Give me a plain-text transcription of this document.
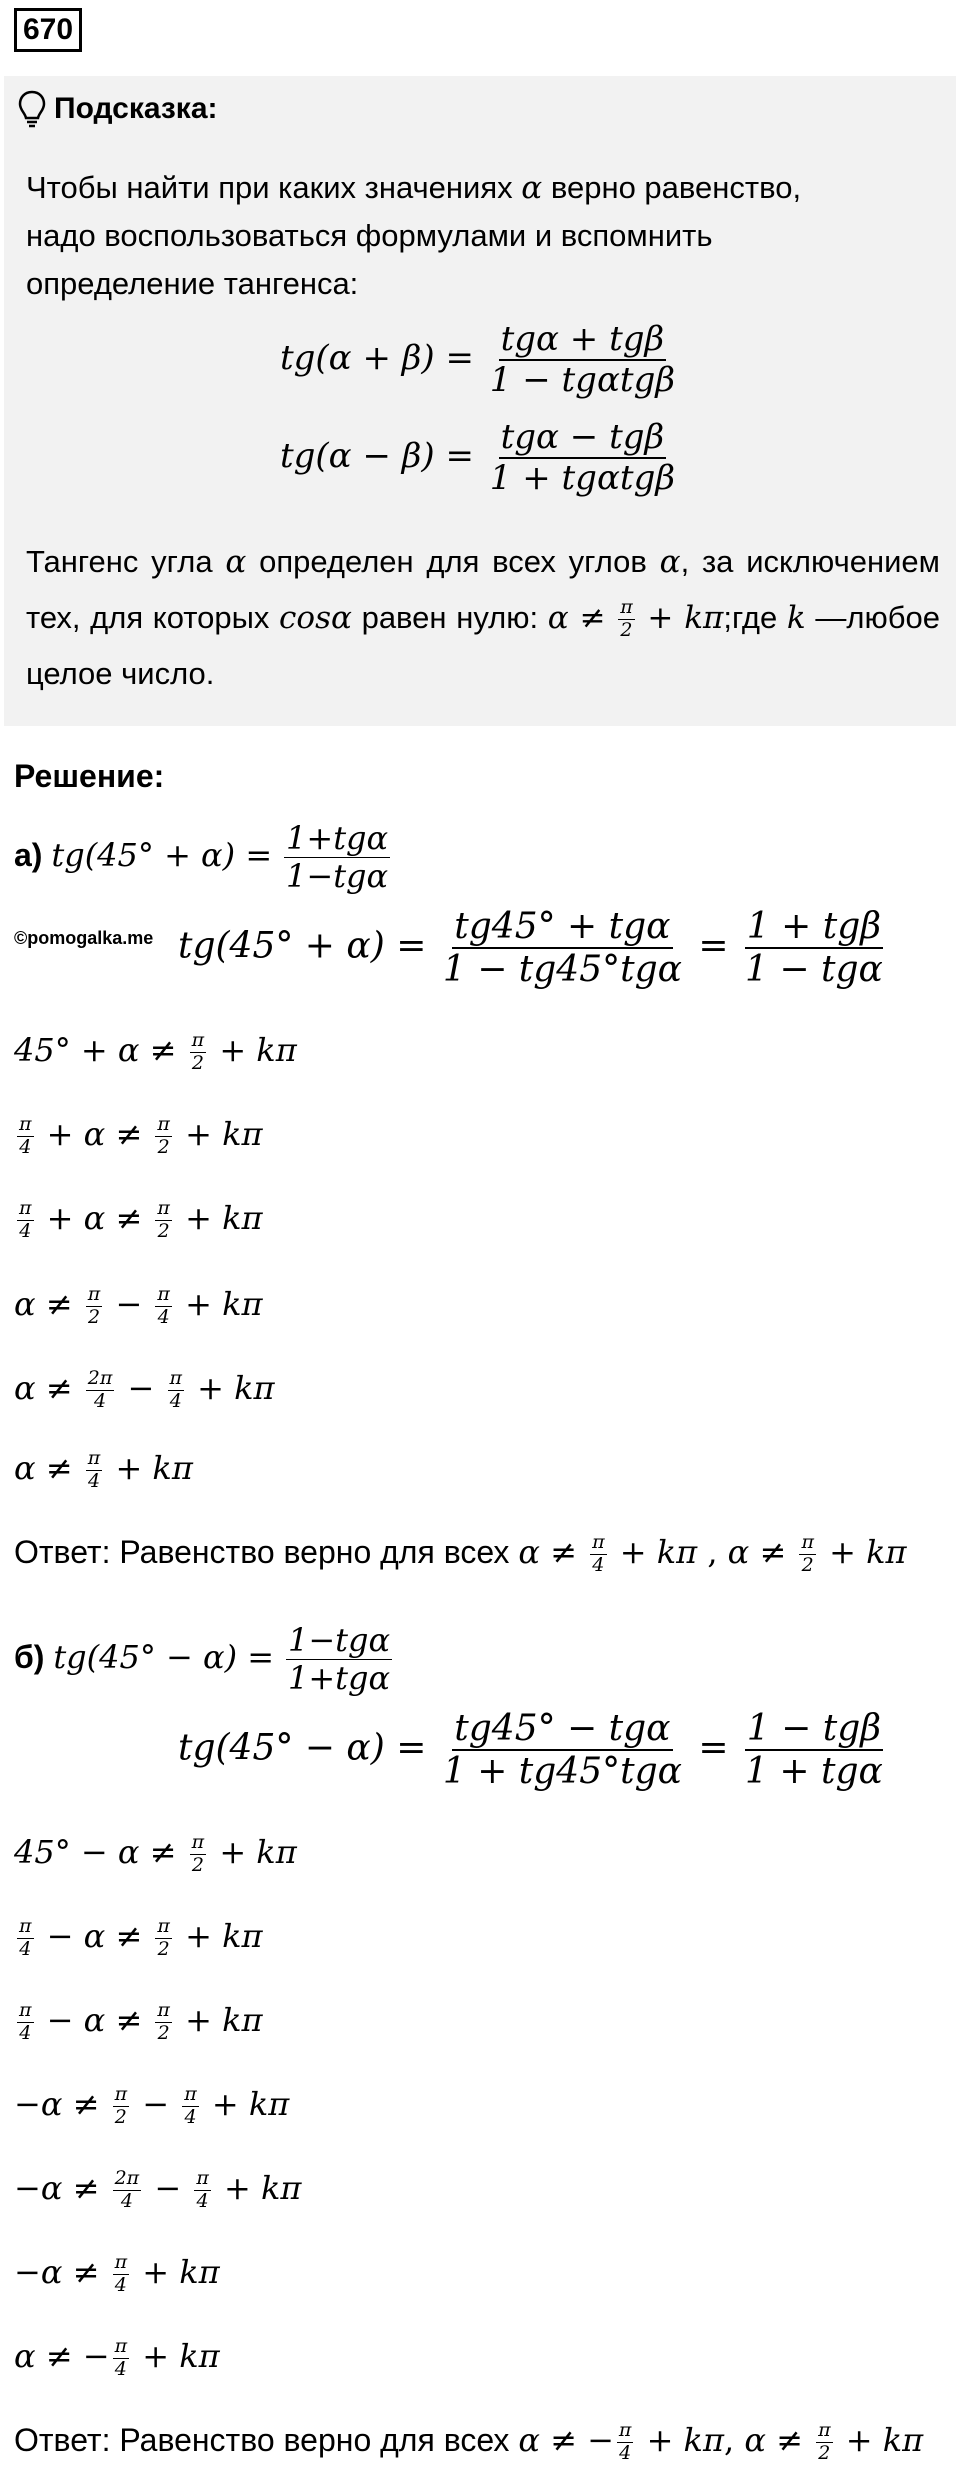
670
Подсказка:
Чтобы найти при каких значениях α верно равенство,
надо воспользоваться формулами и вспомнить
определение тангенса:
$tg(\alpha + \beta) = \frac{\text{tgα + tgβ}}{\text{1 − tgαtgβ}}$
$tg(\alpha - \beta) = \frac{\text{tgα − tgβ}}{\text{1 + tgαtgβ}}$
Тангенс угла α определен для всех углов α, за исключением тех, для которых cosα равен нулю: $\alpha \ne \frac{\pi}{2}$ + kπ;где k —любое целое число.
Решение:
а) $tg(45^\circ + \alpha) = \frac{\text{1+tgα}}{\text{1−tgα}}$
©pomogalka.me $tg(45^\circ + \alpha) = \frac{\text{tg45° + tgα}}{\text{1 − tg45°tgα}} = \frac{\text{1 + tgβ}}{\text{1 − tgα}}$
$45^\circ + \alpha \ne \frac{\pi}{2} + k\pi$
$\frac{\pi}{4} + \alpha \ne \frac{\pi}{2} + k\pi$
$\frac{\pi}{4} + \alpha \ne \frac{\pi}{2} + k\pi$
$\alpha \ne \frac{\pi}{2} - \frac{\pi}{4} + k\pi$
$\alpha \ne \frac{2\pi}{4} - \frac{\pi}{4} + k\pi$
$\alpha \ne \frac{\pi}{4} + k\pi$
Ответ: Равенство верно для всех $\alpha \ne \frac{\pi}{4} + k\pi$ , $\alpha \ne \frac{\pi}{2} + k\pi$
б) $tg(45^\circ - \alpha) = \frac{\text{1−tgα}}{\text{1+tgα}}$
$tg(45^\circ - \alpha) = \frac{\text{tg45° − tgα}}{\text{1 + tg45°tgα}} = \frac{\text{1 − tgβ}}{\text{1 + tgα}}$
$45^\circ - \alpha \ne \frac{\pi}{2} + k\pi$
$\frac{\pi}{4} - \alpha \ne \frac{\pi}{2} + k\pi$
$\frac{\pi}{4} - \alpha \ne \frac{\pi}{2} + k\pi$
$-\alpha \ne \frac{\pi}{2} - \frac{\pi}{4} + k\pi$
$-\alpha \ne \frac{2\pi}{4} - \frac{\pi}{4} + k\pi$
$-\alpha \ne \frac{\pi}{4} + k\pi$
α ≠ − $\frac{\pi}{4} + k\pi$
Ответ: Равенство верно для всех α ≠ − $\frac{\pi}{4} + k\pi$, $\alpha \ne \frac{\pi}{2} + k\pi$
